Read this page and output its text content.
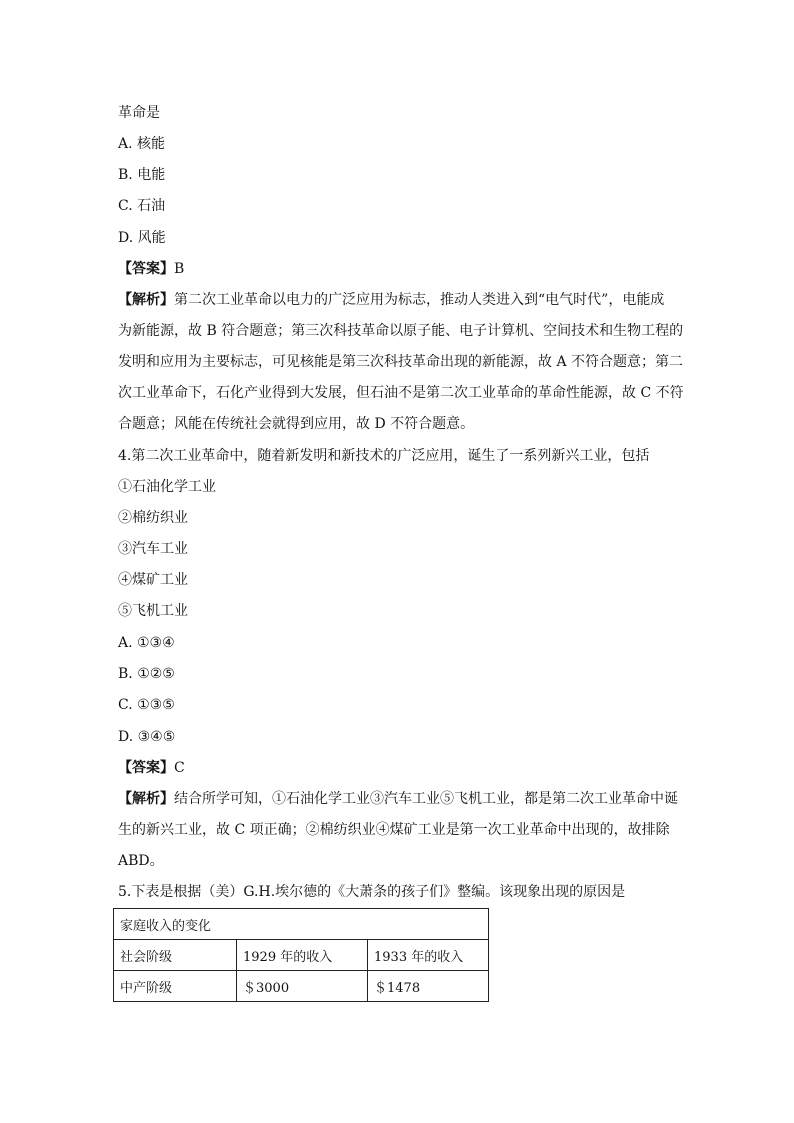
革命是
A. 核能
B. 电能
C. 石油
D. 风能
【答案】B
【解析】第二次工业革命以电力的广泛应用为标志，推动人类进入到“电气时代”，电能成
为新能源，故 B 符合题意；第三次科技革命以原子能、电子计算机、空间技术和生物工程的
发明和应用为主要标志，可见核能是第三次科技革命出现的新能源，故 A 不符合题意；第二
次工业革命下，石化产业得到大发展，但石油不是第二次工业革命的革命性能源，故 C 不符
合题意；风能在传统社会就得到应用，故 D 不符合题意。
4.第二次工业革命中，随着新发明和新技术的广泛应用，诞生了一系列新兴工业，包括
①石油化学工业
②棉纺织业
③汽车工业
④煤矿工业
⑤飞机工业
A. ①③④
B. ①②⑤
C. ①③⑤
D. ③④⑤
【答案】C
【解析】结合所学可知，①石油化学工业③汽车工业⑤飞机工业，都是第二次工业革命中诞
生的新兴工业，故 C 项正确；②棉纺织业④煤矿工业是第一次工业革命中出现的，故排除
ABD。
5.下表是根据（美）G.H.埃尔德的《大萧条的孩子们》整编。该现象出现的原因是
家庭收入的变化		
社会阶级	1929 年的收入	1933 年的收入
中产阶级	＄3000	＄1478
